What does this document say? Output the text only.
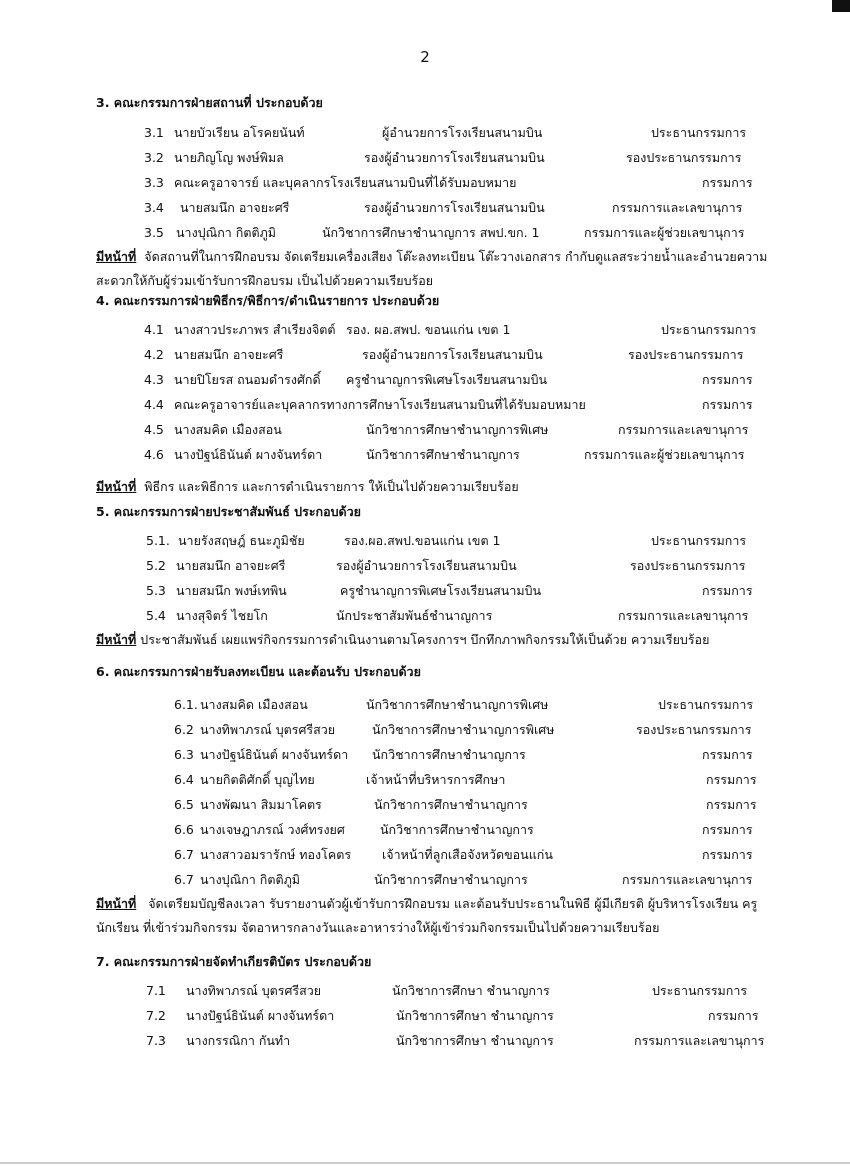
2
3. คณะกรรมการฝ่ายสถานที่ ประกอบด้วย
3.1 นายบัวเรียน อโรคยนันท์	ผู้อำนวยการโรงเรียนสนามบิน	ประธานกรรมการ
3.2 นายภิญโญ พงษ์พิมล	รองผู้อำนวยการโรงเรียนสนามบิน	รองประธานกรรมการ
3.3 คณะครูอาจารย์ และบุคลากรโรงเรียนสนามบินที่ได้รับมอบหมาย	กรรมการ
3.4 นายสมนึก อาจยะศรี	รองผู้อำนวยการโรงเรียนสนามบิน	กรรมการและเลขานุการ
3.5 นางปุณิกา กิตติภูมิ	นักวิชาการศึกษาชำนาญการ สพป.ขก. 1	กรรมการและผู้ช่วยเลขานุการ
มีหน้าที่ จัดสถานที่ในการฝึกอบรม จัดเตรียมเครื่องเสียง โต๊ะลงทะเบียน โต๊ะวางเอกสาร กำกับดูแลสระว่ายน้ำและอำนวยความสะดวกให้กับผู้ร่วมเข้ารับการฝึกอบรม เป็นไปด้วยความเรียบร้อย
4. คณะกรรมการฝ่ายพิธีกร/พิธีการ/ดำเนินรายการ ประกอบด้วย
4.1 นางสาวประภาพร สำเรียงจิตต์ รอง. ผอ.สพป. ขอนแก่น เขต 1	ประธานกรรมการ
4.2 นายสมนึก อาจยะศรี	รองผู้อำนวยการโรงเรียนสนามบิน	รองประธานกรรมการ
4.3 นายปิโยรส ถนอมดำรงศักดิ์ ครูชำนาญการพิเศษโรงเรียนสนามบิน	กรรมการ
4.4 คณะครูอาจารย์และบุคลากรทางการศึกษาโรงเรียนสนามบินที่ได้รับมอบหมาย	กรรมการ
4.5 นางสมคิด เมืองสอน	นักวิชาการศึกษาชำนาญการพิเศษ	กรรมการและเลขานุการ
4.6 นางปัฐน์ธินันต์ ผางจันทร์ดา	นักวิชาการศึกษาชำนาญการ	กรรมการและผู้ช่วยเลขานุการ
มีหน้าที่ พิธีกร และพิธีการ และการดำเนินรายการ ให้เป็นไปด้วยความเรียบร้อย
5. คณะกรรมการฝ่ายประชาสัมพันธ์ ประกอบด้วย
5.1. นายรังสฤษฎ์ ธนะภูมิชัย	รอง.ผอ.สพป.ขอนแก่น เขต 1	ประธานกรรมการ
5.2 นายสมนึก อาจยะศรี	รองผู้อำนวยการโรงเรียนสนามบิน	รองประธานกรรมการ
5.3 นายสมนึก พงษ์เทพิน	ครูชำนาญการพิเศษโรงเรียนสนามบิน	กรรมการ
5.4 นางสุจิตร์ ไชยโก	นักประชาสัมพันธ์ชำนาญการ	กรรมการและเลขานุการ
มีหน้าที่ ประชาสัมพันธ์ เผยแพร่กิจกรรมการดำเนินงานตามโครงการฯ บึกทึกภาพกิจกรรมให้เป็นด้วย ความเรียบร้อย
6. คณะกรรมการฝ่ายรับลงทะเบียน และต้อนรับ ประกอบด้วย
6.1. นางสมคิด เมืองสอน	นักวิชาการศึกษาชำนาญการพิเศษ	ประธานกรรมการ
6.2 นางทิพาภรณ์ บุตรศรีสวย	นักวิชาการศึกษาชำนาญการพิเศษ	รองประธานกรรมการ
6.3 นางปัฐน์ธินันต์ ผางจันทร์ดา นักวิชาการศึกษาชำนาญการ	กรรมการ
6.4 นายกิตติศักดิ์ บุญไทย	เจ้าหน้าที่บริหารการศึกษา	กรรมการ
6.5 นางพัฒนา สิมมาโคตร	นักวิชาการศึกษาชำนาญการ	กรรมการ
6.6 นางเจษฎาภรณ์ วงศ์ทรงยศ	นักวิชาการศึกษาชำนาญการ	กรรมการ
6.7 นางสาวอมรารักษ์ ทองโคตร เจ้าหน้าที่ลูกเสือจังหวัดขอนแก่น	กรรมการ
6.7 นางปุณิกา กิตติภูมิ	นักวิชาการศึกษาชำนาญการ	กรรมการและเลขานุการ
มีหน้าที่ จัดเตรียมบัญชีลงเวลา รับรายงานตัวผู้เข้ารับการฝึกอบรม และต้อนรับประธานในพิธี ผู้มีเกียรติ ผู้บริหารโรงเรียน ครู นักเรียน ที่เข้าร่วมกิจกรรม จัดอาหารกลางวันและอาหารว่างให้ผู้เข้าร่วมกิจกรรมเป็นไปด้วยความเรียบร้อย
7. คณะกรรมการฝ่ายจัดทำเกียรติบัตร ประกอบด้วย
7.1 นางทิพาภรณ์ บุตรศรีสวย	นักวิชาการศึกษา ชำนาญการ	ประธานกรรมการ
7.2 นางปัฐน์ธินันต์ ผางจันทร์ดา	นักวิชาการศึกษา ชำนาญการ	กรรมการ
7.3 นางกรรณิกา กันทำ	นักวิชาการศึกษา ชำนาญการ	กรรมการและเลขานุการ
